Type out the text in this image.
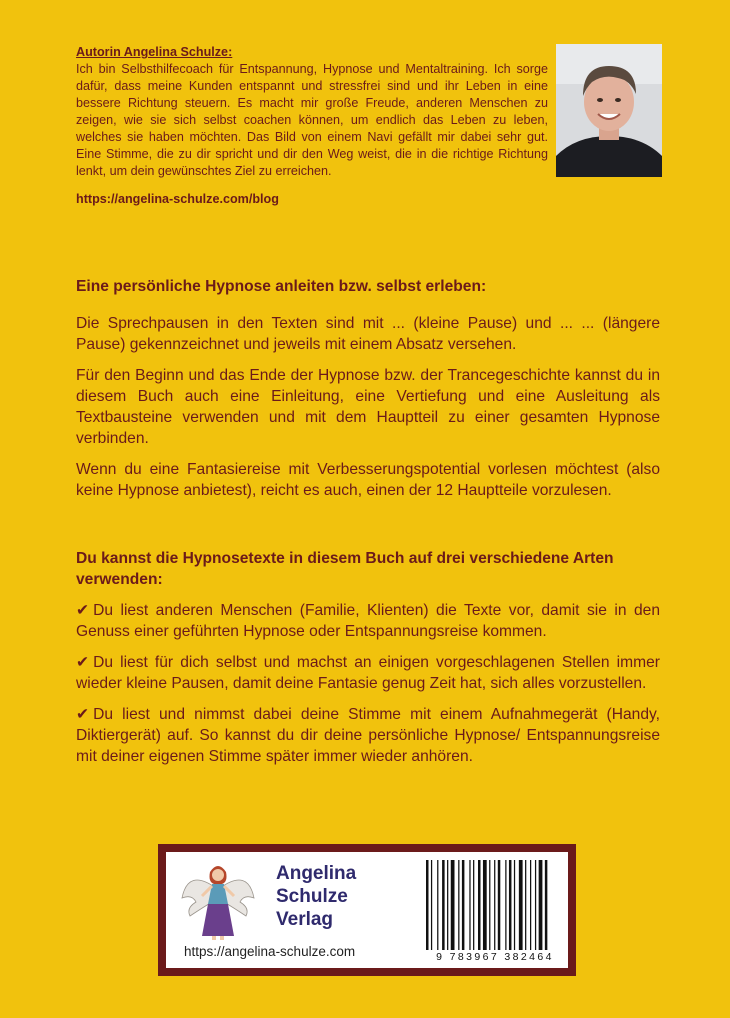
Autorin Angelina Schulze:

Ich bin Selbsthilfecoach für Entspannung, Hypnose und Mentaltraining. Ich sorge dafür, dass meine Kunden entspannt und stressfrei sind und ihr Leben in eine bessere Richtung steuern. Es macht mir große Freude, anderen Menschen zu zeigen, wie sie sich selbst coachen können, um endlich das Leben zu leben, welches sie haben möchten. Das Bild von einem Navi gefällt mir dabei sehr gut. Eine Stimme, die zu dir spricht und dir den Weg weist, die in die richtige Richtung lenkt, um dein gewünschtes Ziel zu erreichen.

https://angelina-schulze.com/blog

Eine persönliche Hypnose anleiten bzw. selbst erleben:

Die Sprechpausen in den Texten sind mit ... (kleine Pause) und ... ... (längere Pause) gekennzeichnet und jeweils mit einem Absatz versehen.

Für den Beginn und das Ende der Hypnose bzw. der Trancegeschichte kannst du in diesem Buch auch eine Einleitung, eine Vertiefung und eine Ausleitung als Textbausteine verwenden und mit dem Hauptteil zu einer gesamten Hypnose verbinden.

Wenn du eine Fantasiereise mit Verbesserungspotential vorlesen möchtest (also keine Hypnose anbietest), reicht es auch, einen der 12 Hauptteile vorzulesen.

Du kannst die Hypnosetexte in diesem Buch auf drei verschiedene Arten verwenden:

✔ Du liest anderen Menschen (Familie, Klienten) die Texte vor, damit sie in den Genuss einer geführten Hypnose oder Entspannungsreise kommen.

✔ Du liest für dich selbst und machst an einigen vorgeschlagenen Stellen immer wieder kleine Pausen, damit deine Fantasie genug Zeit hat, sich alles vorzustellen.

✔ Du liest und nimmst dabei deine Stimme mit einem Aufnahmegerät (Handy, Diktiergerät) auf. So kannst du dir deine persönliche Hypnose/ Entspannungsreise mit deiner eigenen Stimme später immer wieder anhören.

Angelina
Schulze
Verlag
https://angelina-schulze.com	9 783967 382464
